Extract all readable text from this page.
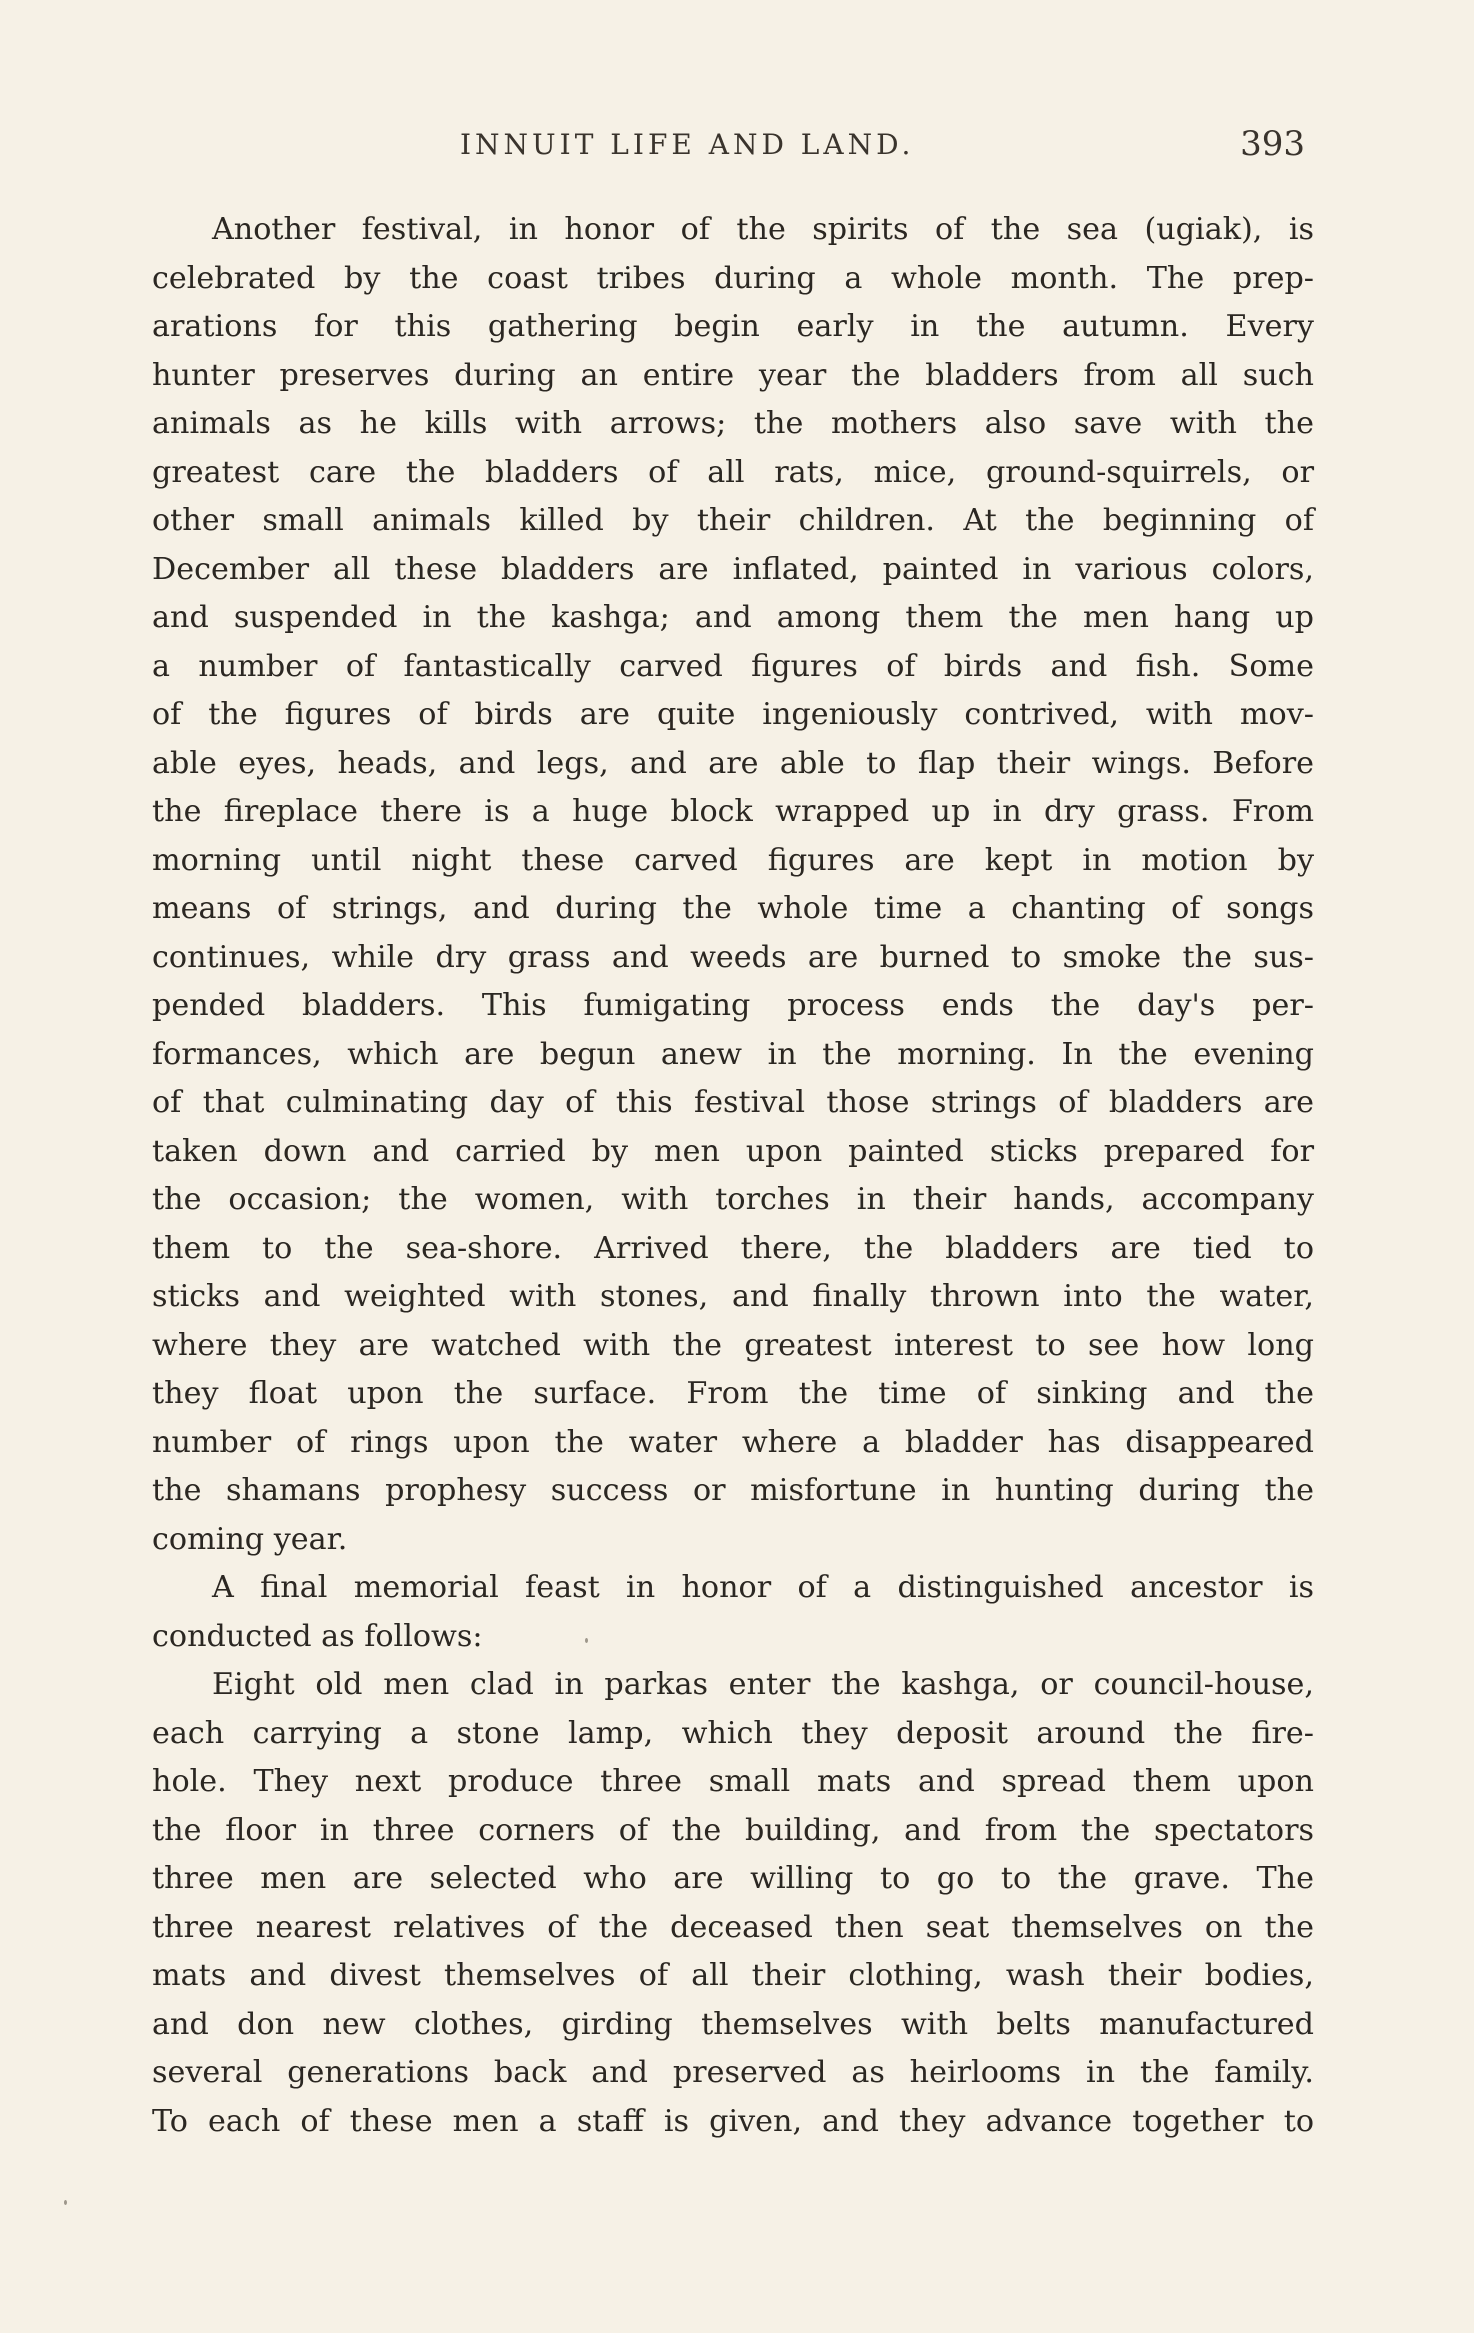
INNUIT LIFE AND LAND.	393
Another festival, in honor of the spirits of the sea (ugiak), is
celebrated by the coast tribes during a whole month. The prep-
arations for this gathering begin early in the autumn. Every
hunter preserves during an entire year the bladders from all such
animals as he kills with arrows; the mothers also save with the
greatest care the bladders of all rats, mice, ground-squirrels, or
other small animals killed by their children. At the beginning of
December all these bladders are inflated, painted in various colors,
and suspended in the kashga; and among them the men hang up
a number of fantastically carved figures of birds and fish. Some
of the figures of birds are quite ingeniously contrived, with mov-
able eyes, heads, and legs, and are able to flap their wings. Before
the fireplace there is a huge block wrapped up in dry grass. From
morning until night these carved figures are kept in motion by
means of strings, and during the whole time a chanting of songs
continues, while dry grass and weeds are burned to smoke the sus-
pended bladders. This fumigating process ends the day's per-
formances, which are begun anew in the morning. In the evening
of that culminating day of this festival those strings of bladders are
taken down and carried by men upon painted sticks prepared for
the occasion; the women, with torches in their hands, accompany
them to the sea-shore. Arrived there, the bladders are tied to
sticks and weighted with stones, and finally thrown into the water,
where they are watched with the greatest interest to see how long
they float upon the surface. From the time of sinking and the
number of rings upon the water where a bladder has disappeared
the shamans prophesy success or misfortune in hunting during the
coming year.
A final memorial feast in honor of a distinguished ancestor is
conducted as follows:
Eight old men clad in parkas enter the kashga, or council-house,
each carrying a stone lamp, which they deposit around the fire-
hole. They next produce three small mats and spread them upon
the floor in three corners of the building, and from the spectators
three men are selected who are willing to go to the grave. The
three nearest relatives of the deceased then seat themselves on the
mats and divest themselves of all their clothing, wash their bodies,
and don new clothes, girding themselves with belts manufactured
several generations back and preserved as heirlooms in the family.
To each of these men a staff is given, and they advance together to
